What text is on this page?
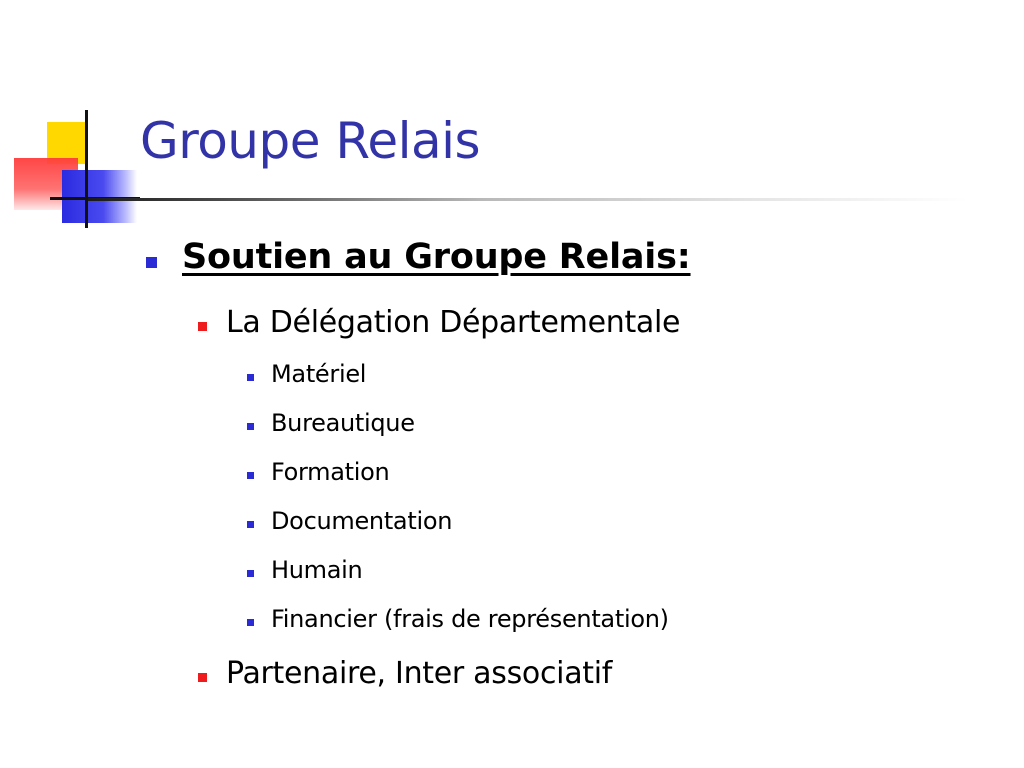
Groupe Relais
Soutien au Groupe Relais:
La Délégation Départementale
Matériel
Bureautique
Formation
Documentation
Humain
Financier (frais de représentation)
Partenaire, Inter associatif
